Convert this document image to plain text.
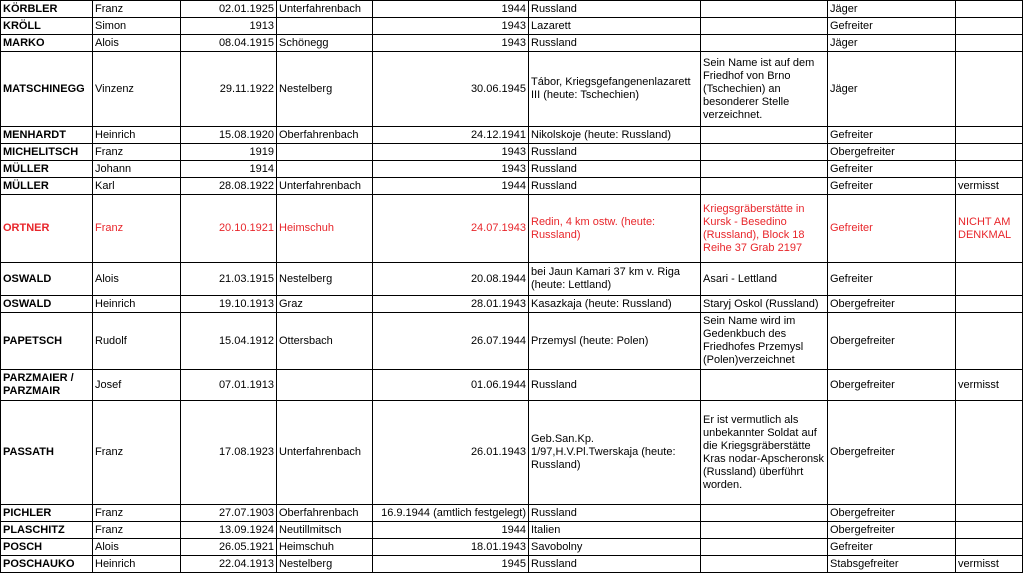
KÖRBLER	Franz	02.01.1925	Unterfahrenbach	1944	Russland		Jäger	
KRÖLL	Simon	1913		1943	Lazarett		Gefreiter	
MARKO	Alois	08.04.1915	Schönegg	1943	Russland		Jäger	
MATSCHINEGG	Vinzenz	29.11.1922	Nestelberg	30.06.1945	Tábor, Kriegsgefangenenlazarett III (heute: Tschechien)	Sein Name ist auf dem Friedhof von Brno (Tschechien) an besonderer Stelle verzeichnet.	Jäger	
MENHARDT	Heinrich	15.08.1920	Oberfahrenbach	24.12.1941	Nikolskoje (heute: Russland)		Gefreiter	
MICHELITSCH	Franz	1919		1943	Russland		Obergefreiter	
MÜLLER	Johann	1914		1943	Russland		Gefreiter	
MÜLLER	Karl	28.08.1922	Unterfahrenbach	1944	Russland		Gefreiter	vermisst
ORTNER	Franz	20.10.1921	Heimschuh	24.07.1943	Redin, 4 km ostw. (heute: Russland)	Kriegsgräberstätte in Kursk - Besedino (Russland), Block 18 Reihe 37 Grab 2197	Gefreiter	NICHT AM DENKMAL
OSWALD	Alois	21.03.1915	Nestelberg	20.08.1944	bei Jaun Kamari 37 km v. Riga (heute: Lettland)	Asari - Lettland	Gefreiter	
OSWALD	Heinrich	19.10.1913	Graz	28.01.1943	Kasazkaja (heute: Russland)	Staryj Oskol (Russland)	Obergefreiter	
PAPETSCH	Rudolf	15.04.1912	Ottersbach	26.07.1944	Przemysl (heute: Polen)	Sein Name wird im Gedenkbuch des Friedhofes Przemysl (Polen)verzeichnet	Obergefreiter	
PARZMAIER / PARZMAIR	Josef	07.01.1913		01.06.1944	Russland		Obergefreiter	vermisst
PASSATH	Franz	17.08.1923	Unterfahrenbach	26.01.1943	Geb.San.Kp. 1/97,H.V.Pl.Twerskaja (heute: Russland)	Er ist vermutlich als unbekannter Soldat auf die Kriegsgräberstätte Kras nodar-Apscheronsk (Russland) überführt worden.	Obergefreiter	
PICHLER	Franz	27.07.1903	Oberfahrenbach	16.9.1944 (amtlich festgelegt)	Russland		Obergefreiter	
PLASCHITZ	Franz	13.09.1924	Neutillmitsch	1944	Italien		Obergefreiter	
POSCH	Alois	26.05.1921	Heimschuh	18.01.1943	Savobolny		Gefreiter	
POSCHAUKO	Heinrich	22.04.1913	Nestelberg	1945	Russland		Stabsgefreiter	vermisst
